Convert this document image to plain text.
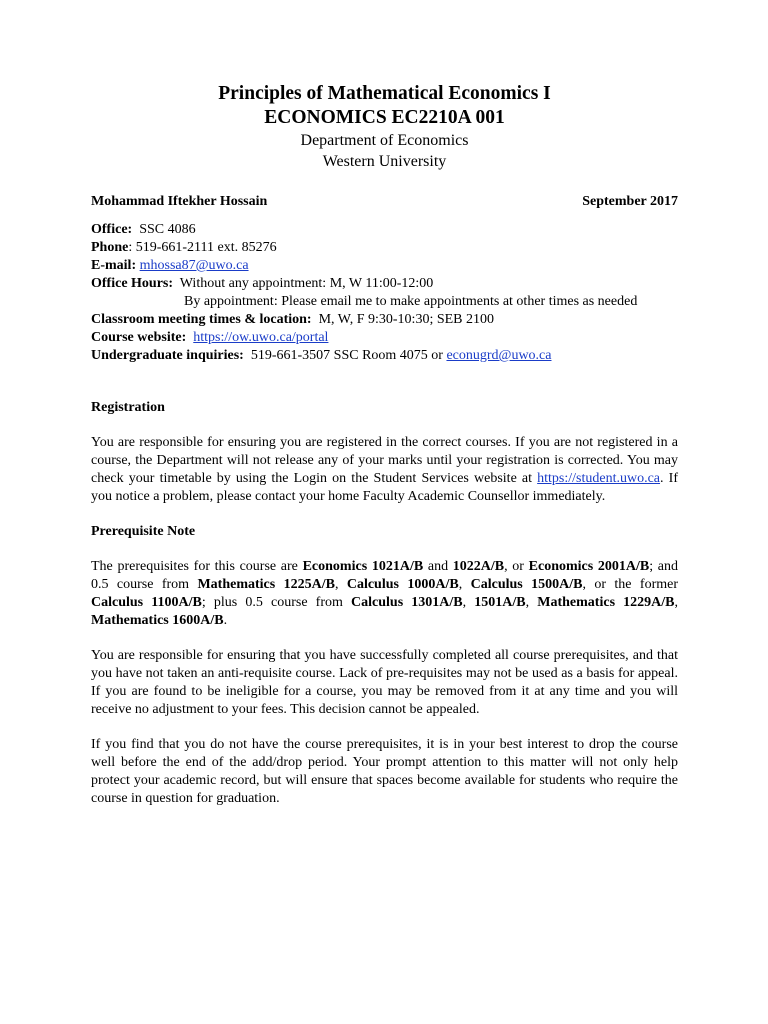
Principles of Mathematical Economics I
ECONOMICS EC2210A 001
Department of Economics
Western University
Mohammad Iftekher Hossain	September 2017
Office: SSC 4086
Phone: 519-661-2111 ext. 85276
E-mail: mhossa87@uwo.ca
Office Hours: Without any appointment: M, W 11:00-12:00
By appointment: Please email me to make appointments at other times as needed
Classroom meeting times & location: M, W, F 9:30-10:30; SEB 2100
Course website: https://ow.uwo.ca/portal
Undergraduate inquiries: 519-661-3507 SSC Room 4075 or econugrd@uwo.ca
Registration

You are responsible for ensuring you are registered in the correct courses. If you are not registered in a course, the Department will not release any of your marks until your registration is corrected. You may check your timetable by using the Login on the Student Services website at https://student.uwo.ca. If you notice a problem, please contact your home Faculty Academic Counsellor immediately.

Prerequisite Note

The prerequisites for this course are Economics 1021A/B and 1022A/B, or Economics 2001A/B; and 0.5 course from Mathematics 1225A/B, Calculus 1000A/B, Calculus 1500A/B, or the former Calculus 1100A/B; plus 0.5 course from Calculus 1301A/B, 1501A/B, Mathematics 1229A/B, Mathematics 1600A/B.

You are responsible for ensuring that you have successfully completed all course prerequisites, and that you have not taken an anti-requisite course. Lack of pre-requisites may not be used as a basis for appeal. If you are found to be ineligible for a course, you may be removed from it at any time and you will receive no adjustment to your fees. This decision cannot be appealed.

If you find that you do not have the course prerequisites, it is in your best interest to drop the course well before the end of the add/drop period. Your prompt attention to this matter will not only help protect your academic record, but will ensure that spaces become available for students who require the course in question for graduation.
